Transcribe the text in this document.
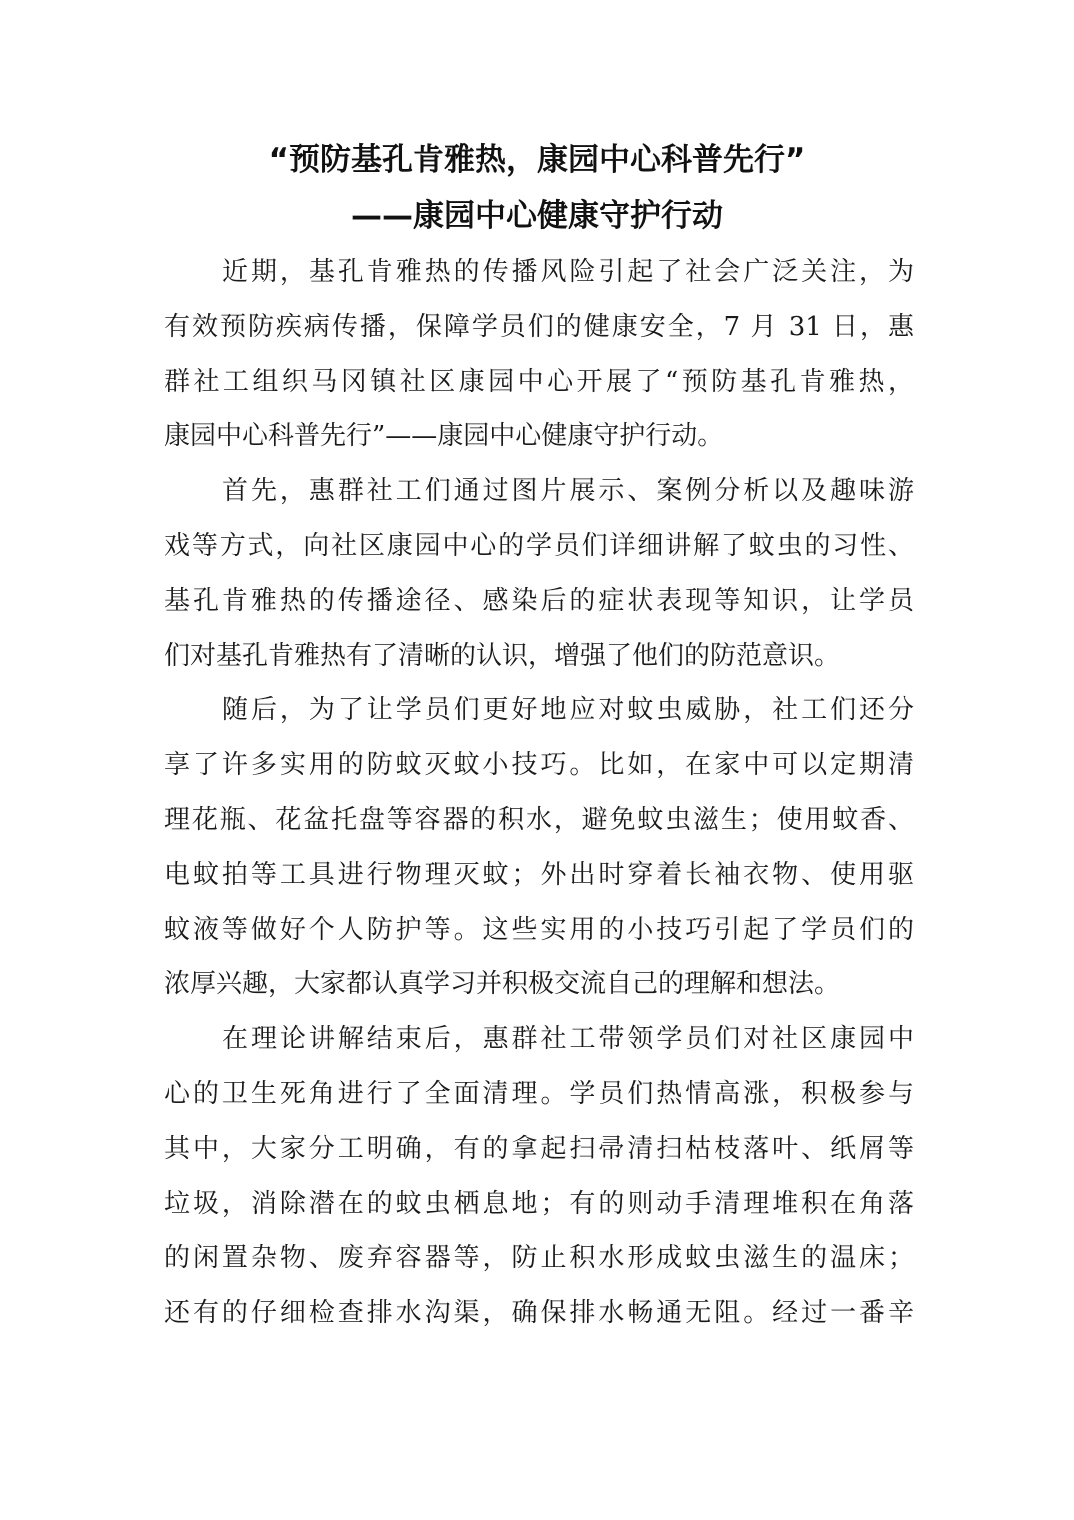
“预防基孔肯雅热，康园中心科普先行”
——康园中心健康守护行动
近期，基孔肯雅热的传播风险引起了社会广泛关注，为
有效预防疾病传播，保障学员们的健康安全，7 月 31 日，惠
群社工组织马冈镇社区康园中心开展了“预防基孔肯雅热，
康园中心科普先行”——康园中心健康守护行动。
首先，惠群社工们通过图片展示、案例分析以及趣味游
戏等方式，向社区康园中心的学员们详细讲解了蚊虫的习性、
基孔肯雅热的传播途径、感染后的症状表现等知识，让学员
们对基孔肯雅热有了清晰的认识，增强了他们的防范意识。
随后，为了让学员们更好地应对蚊虫威胁，社工们还分
享了许多实用的防蚊灭蚊小技巧。比如，在家中可以定期清
理花瓶、花盆托盘等容器的积水，避免蚊虫滋生；使用蚊香、
电蚊拍等工具进行物理灭蚊；外出时穿着长袖衣物、使用驱
蚊液等做好个人防护等。这些实用的小技巧引起了学员们的
浓厚兴趣，大家都认真学习并积极交流自己的理解和想法。
在理论讲解结束后，惠群社工带领学员们对社区康园中
心的卫生死角进行了全面清理。学员们热情高涨，积极参与
其中，大家分工明确，有的拿起扫帚清扫枯枝落叶、纸屑等
垃圾，消除潜在的蚊虫栖息地；有的则动手清理堆积在角落
的闲置杂物、废弃容器等，防止积水形成蚊虫滋生的温床；
还有的仔细检查排水沟渠，确保排水畅通无阻。经过一番辛
